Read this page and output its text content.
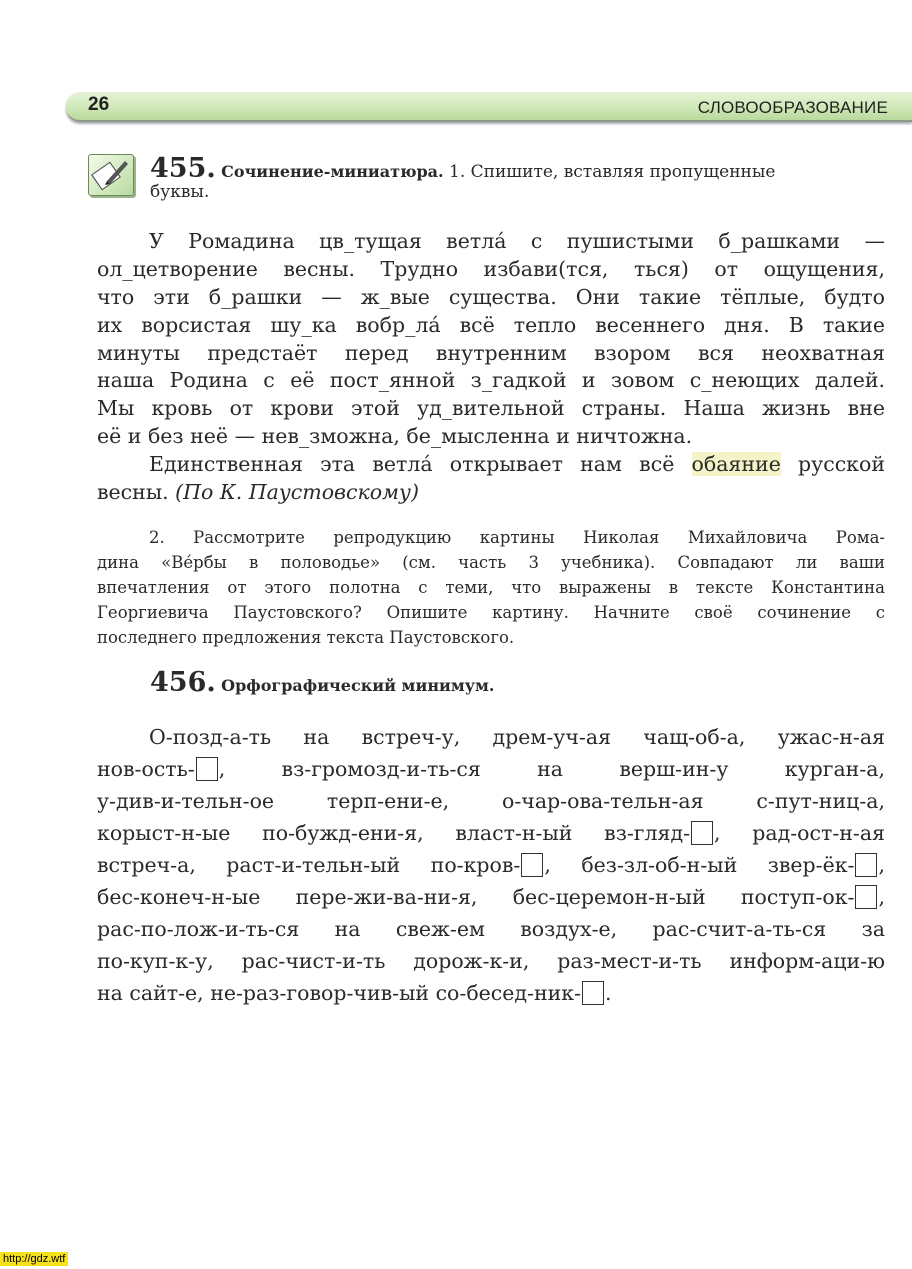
26	СЛОВООБРАЗОВАНИЕ
455. Сочинение-миниатюра. 1. Спишите, вставляя пропущенные
буквы.
У Ромадина цв_тущая ветла́ с пушистыми б_рашками —
ол_цетворение весны. Трудно избави(тся, ться) от ощущения,
что эти б_рашки — ж_вые существа. Они такие тёплые, будто
их ворсистая шу_ка вобр_ла́ всё тепло весеннего дня. В такие
минуты предстаёт перед внутренним взором вся неохватная
наша Родина с её пост_янной з_гадкой и зовом с_неющих далей.
Мы кровь от крови этой уд_вительной страны. Наша жизнь вне
её и без неё — нев_зможна, бе_мысленна и ничтожна.
Единственная эта ветла́ открывает нам всё обаяние русской
весны. (По К. Паустовскому)
2. Рассмотрите репродукцию картины Николая Михайловича Рома-
дина «Ве́рбы в половодье» (см. часть 3 учебника). Совпадают ли ваши
впечатления от этого полотна с теми, что выражены в тексте Константина
Георгиевича Паустовского? Опишите картину. Начните своё сочинение с
последнего предложения текста Паустовского.
456. Орфографический минимум.
О-позд-а-ть на встреч-у, дрем-уч-ая чащ-об-а, ужас-н-ая
нов-ость- , вз-громозд-и-ть-ся на верш-ин-у курган-а,
у-див-и-тельн-ое терп-ени-е, о-чар-ова-тельн-ая с-пут-ниц-а,
корыст-н-ые по-бужд-ени-я, власт-н-ый вз-гляд- , рад-ост-н-ая
встреч-а, раст-и-тельн-ый по-кров- , без-зл-об-н-ый звер-ёк- ,
бес-конеч-н-ые пере-жи-ва-ни-я, бес-церемон-н-ый поступ-ок- ,
рас-по-лож-и-ть-ся на свеж-ем воздух-е, рас-счит-а-ть-ся за
по-куп-к-у, рас-чист-и-ть дорож-к-и, раз-мест-и-ть информ-аци-ю
на сайт-е, не-раз-говор-чив-ый со-бесед-ник- .
http://gdz.wtf
